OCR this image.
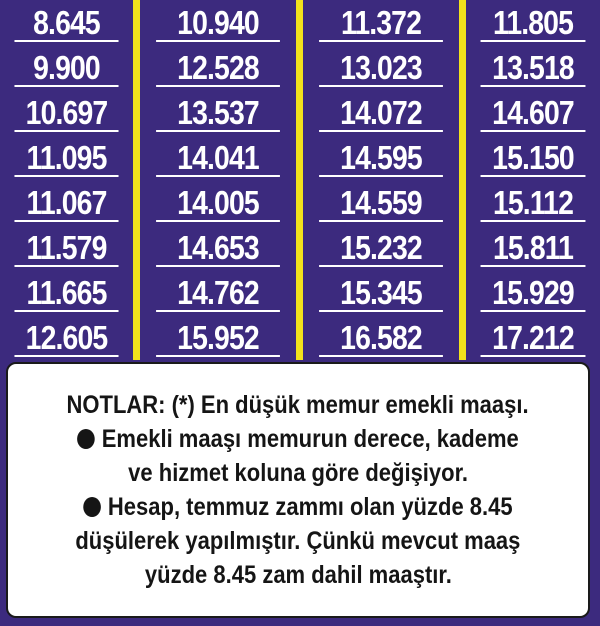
8.645	10.940	11.372	11.805
9.900	12.528	13.023	13.518
10.697	13.537	14.072	14.607
11.095	14.041	14.595	15.150
11.067	14.005	14.559	15.112
11.579	14.653	15.232	15.811
11.665	14.762	15.345	15.929
12.605	15.952	16.582	17.212
NOTLAR: (*) En düşük memur emekli maaşı.
Emekli maaşı memurun derece, kademe
ve hizmet koluna göre değişiyor.
Hesap, temmuz zammı olan yüzde 8.45
düşülerek yapılmıştır. Çünkü mevcut maaş
yüzde 8.45 zam dahil maaştır.
